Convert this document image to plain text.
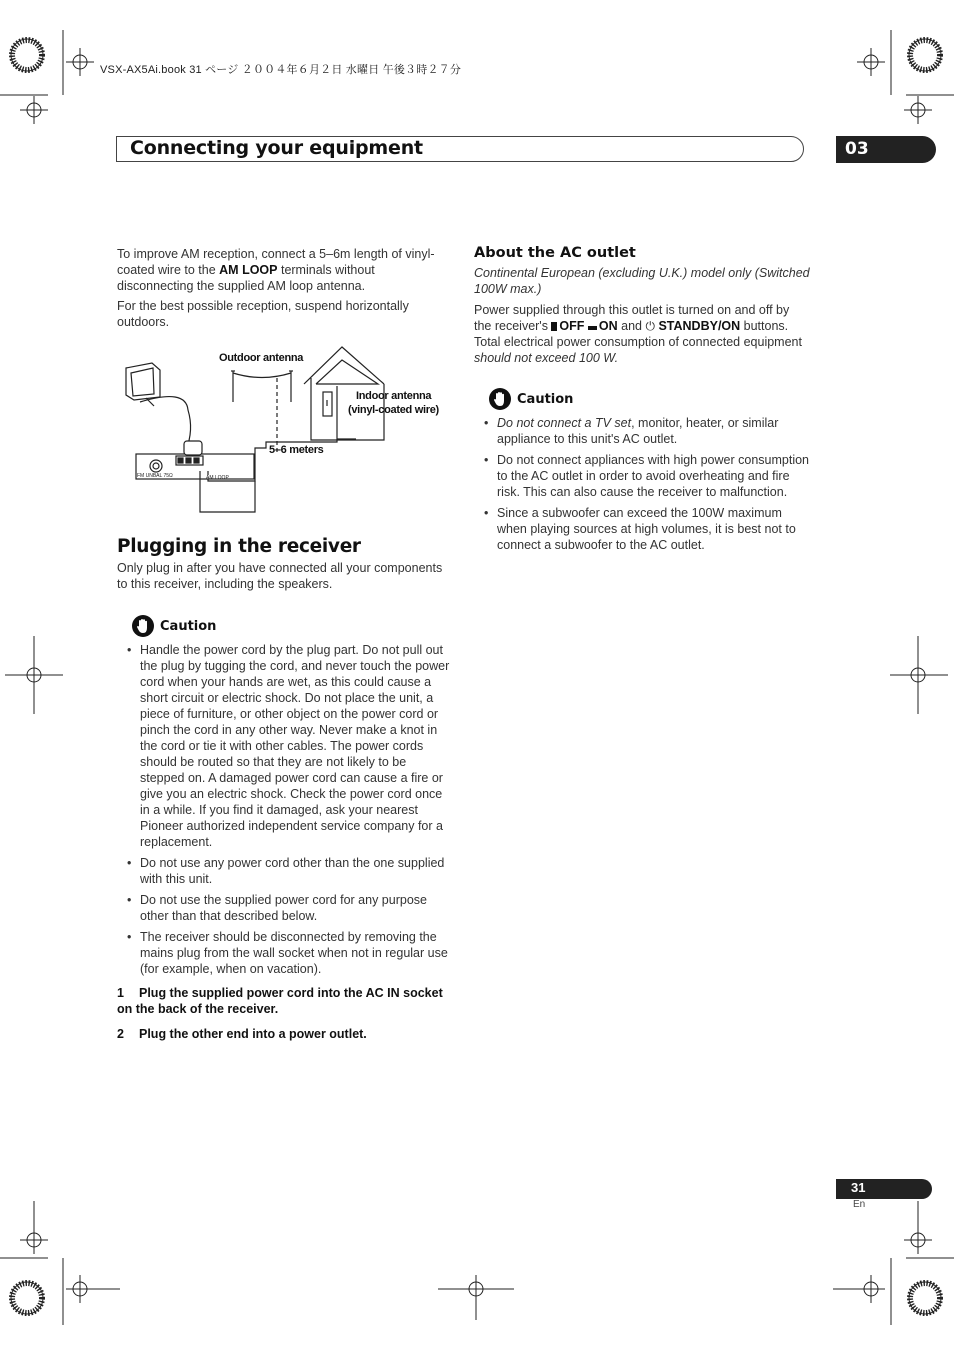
VSX-AX5Ai.book 31 ページ ２００４年６月２日 水曜日 午後３時２７分
Connecting your equipment	03

To improve AM reception, connect a 5–6m length of vinyl-coated wire to the AM LOOP terminals without disconnecting the supplied AM loop antenna.

For the best possible reception, suspend horizontally outdoors.

Outdoor antenna
Indoor antenna
(vinyl-coated wire)
5–6 meters
FM UNBAL 75Ω	AM LOOP
Plugging in the receiver
Only plug in after you have connected all your components to this receiver, including the speakers.
Caution
• Handle the power cord by the plug part. Do not pull out the plug by tugging the cord, and never touch the power cord when your hands are wet, as this could cause a short circuit or electric shock. Do not place the unit, a piece of furniture, or other object on the power cord or pinch the cord in any other way. Never make a knot in the cord or tie it with other cables. The power cords should be routed so that they are not likely to be stepped on. A damaged power cord can cause a fire or give you an electric shock. Check the power cord once in a while. If you find it damaged, ask your nearest Pioneer authorized independent service company for a replacement.
• Do not use any power cord other than the one supplied with this unit.
• Do not use the supplied power cord for any purpose other than that described below.
• The receiver should be disconnected by removing the mains plug from the wall socket when not in regular use (for example, when on vacation).
1 Plug the supplied power cord into the AC IN socket on the back of the receiver.
2 Plug the other end into a power outlet.
About the AC outlet
Continental European (excluding U.K.) model only (Switched 100W max.)
Power supplied through this outlet is turned on and off by the receiver's OFF ON and ⏻ STANDBY/ON buttons. Total electrical power consumption of connected equipment should not exceed 100 W.
Caution
• Do not connect a TV set, monitor, heater, or similar appliance to this unit's AC outlet.
• Do not connect appliances with high power consumption to the AC outlet in order to avoid overheating and fire risk. This can also cause the receiver to malfunction.
• Since a subwoofer can exceed the 100W maximum when playing sources at high volumes, it is best not to connect a subwoofer to the AC outlet.
31
En
